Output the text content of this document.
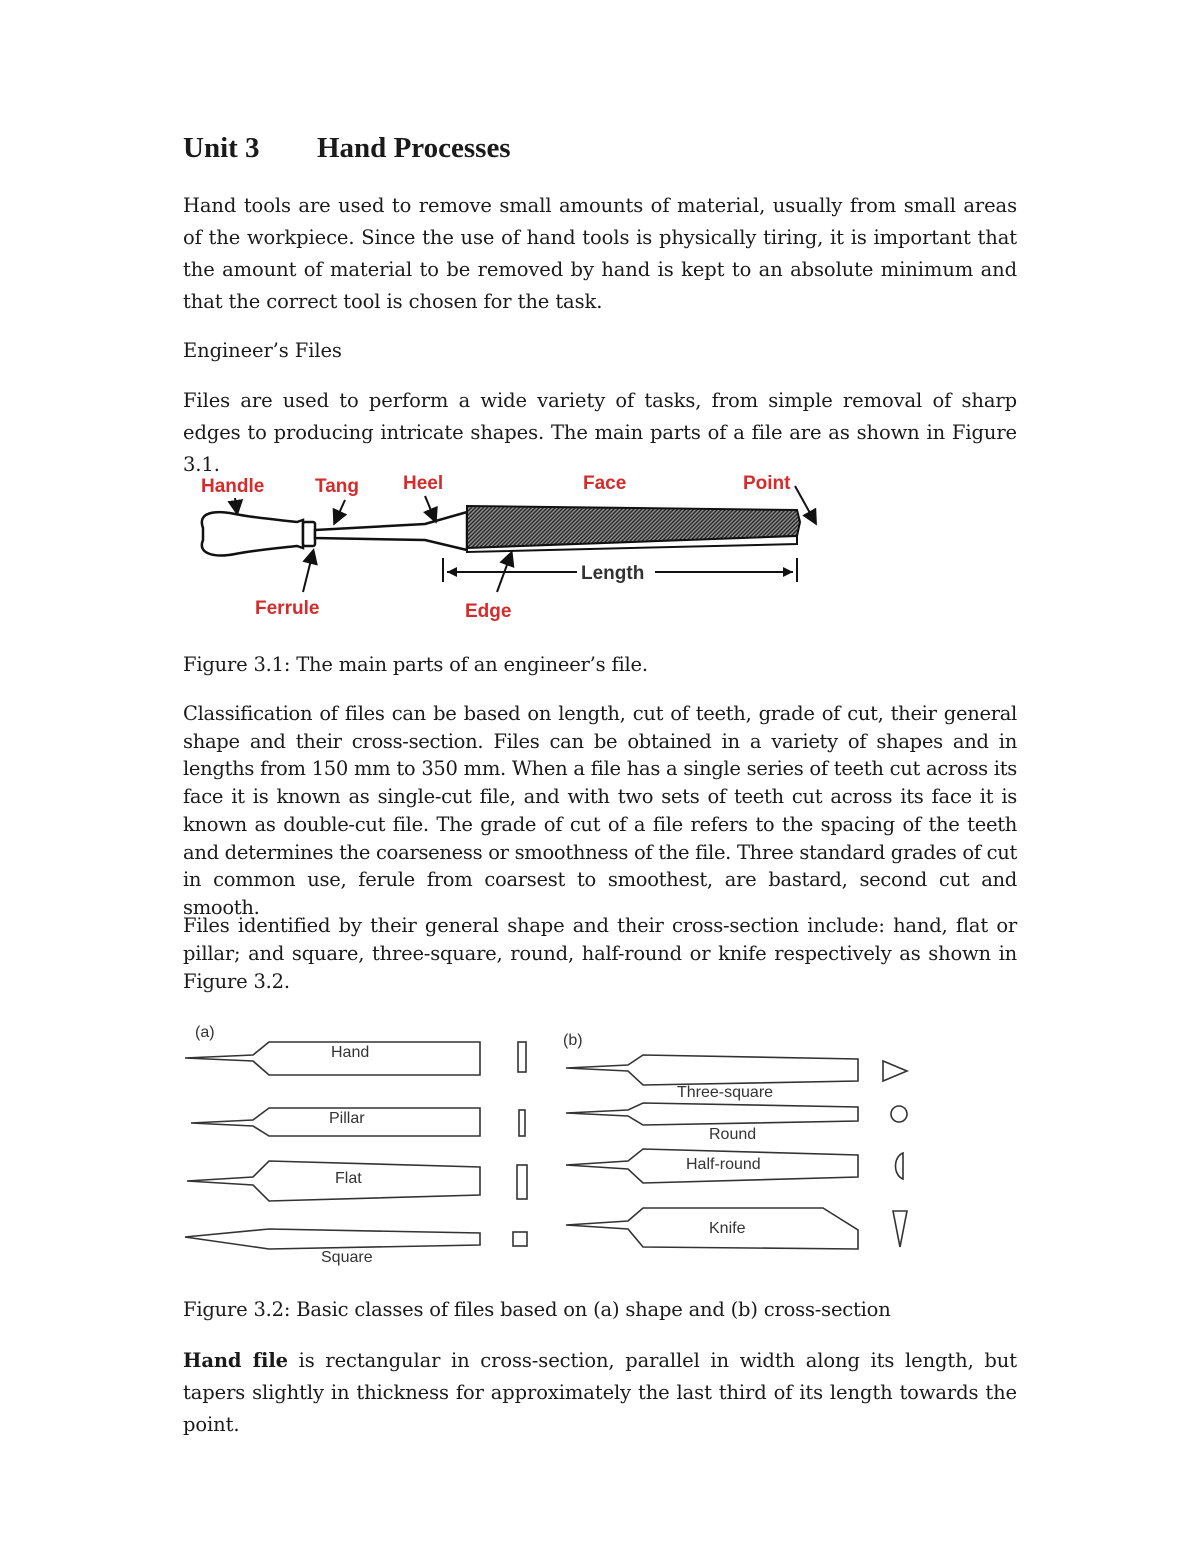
Unit 3 Hand Processes

Hand tools are used to remove small amounts of material, usually from small areas of the workpiece. Since the use of hand tools is physically tiring, it is important that the amount of material to be removed by hand is kept to an absolute minimum and that the correct tool is chosen for the task.

Engineer’s Files

Files are used to perform a wide variety of tasks, from simple removal of sharp edges to producing intricate shapes. The main parts of a file are as shown in Figure 3.1.

Handle	Tang Heel	Face	Point
Ferrule	Edge
Length

Figure 3.1: The main parts of an engineer’s file.

Classification of files can be based on length, cut of teeth, grade of cut, their general shape and their cross-section. Files can be obtained in a variety of shapes and in lengths from 150 mm to 350 mm. When a file has a single series of teeth cut across its face it is known as single-cut file, and with two sets of teeth cut across its face it is known as double-cut file. The grade of cut of a file refers to the spacing of the teeth and determines the coarseness or smoothness of the file. Three standard grades of cut in common use, ferule from coarsest to smoothest, are bastard, second cut and smooth.

Files identified by their general shape and their cross-section include: hand, flat or pillar; and square, three-square, round, half-round or knife respectively as shown in Figure 3.2.

(a)	(b)
Hand
Pillar
Flat
Square
Three-square
Round
Half-round
Knife

Figure 3.2: Basic classes of files based on (a) shape and (b) cross-section

Hand file is rectangular in cross-section, parallel in width along its length, but tapers slightly in thickness for approximately the last third of its length towards the point.
